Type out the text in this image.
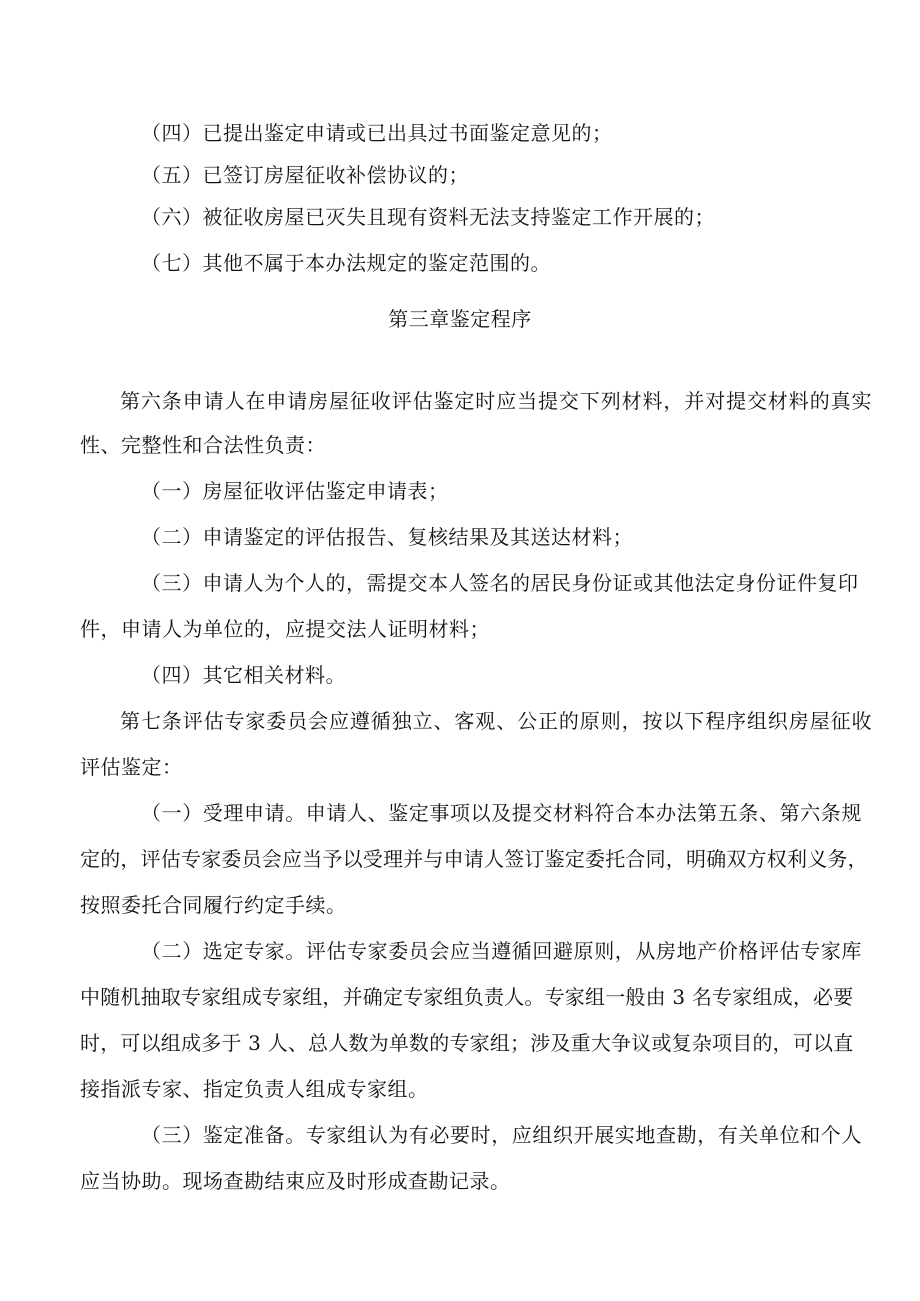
（四）已提出鉴定申请或已出具过书面鉴定意见的；
（五）已签订房屋征收补偿协议的；
（六）被征收房屋已灭失且现有资料无法支持鉴定工作开展的；
（七）其他不属于本办法规定的鉴定范围的。
第三章鉴定程序
第六条申请人在申请房屋征收评估鉴定时应当提交下列材料，并对提交材料的真实
性、完整性和合法性负责：
（一）房屋征收评估鉴定申请表；
（二）申请鉴定的评估报告、复核结果及其送达材料；
（三）申请人为个人的，需提交本人签名的居民身份证或其他法定身份证件复印
件，申请人为单位的，应提交法人证明材料；
（四）其它相关材料。
第七条评估专家委员会应遵循独立、客观、公正的原则，按以下程序组织房屋征收
评估鉴定：
（一）受理申请。申请人、鉴定事项以及提交材料符合本办法第五条、第六条规
定的，评估专家委员会应当予以受理并与申请人签订鉴定委托合同，明确双方权利义务，
按照委托合同履行约定手续。
（二）选定专家。评估专家委员会应当遵循回避原则，从房地产价格评估专家库
中随机抽取专家组成专家组，并确定专家组负责人。专家组一般由 3 名专家组成，必要
时，可以组成多于 3 人、总人数为单数的专家组；涉及重大争议或复杂项目的，可以直
接指派专家、指定负责人组成专家组。
（三）鉴定准备。专家组认为有必要时，应组织开展实地查勘，有关单位和个人
应当协助。现场查勘结束应及时形成查勘记录。
